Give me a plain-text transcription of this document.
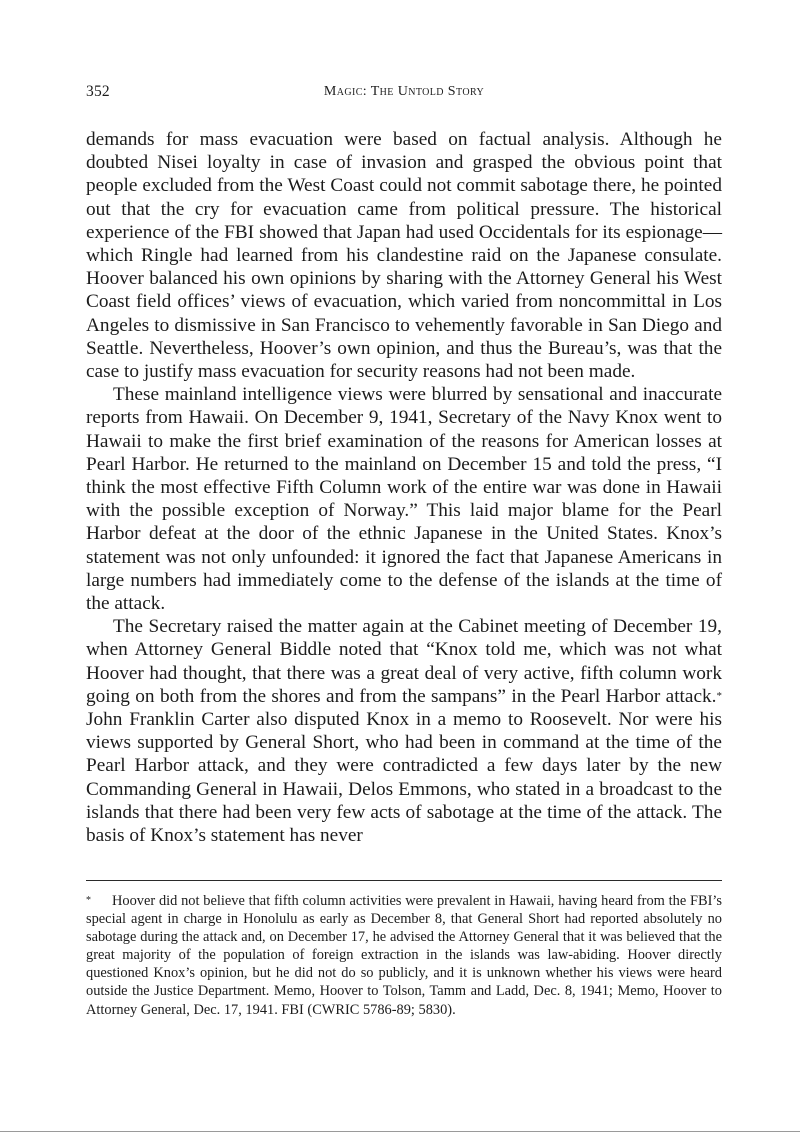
352	Magic: The Untold Story

demands for mass evacuation were based on factual analysis. Although he doubted Nisei loyalty in case of invasion and grasped the obvious point that people excluded from the West Coast could not commit sabotage there, he pointed out that the cry for evacuation came from political pressure. The historical experience of the FBI showed that Japan had used Occidentals for its espionage—which Ringle had learned from his clandestine raid on the Japanese consulate. Hoover balanced his own opinions by sharing with the Attorney General his West Coast field offices’ views of evacuation, which varied from noncommittal in Los Angeles to dismissive in San Francisco to vehemently favorable in San Diego and Seattle. Nevertheless, Hoover’s own opinion, and thus the Bureau’s, was that the case to justify mass evacuation for security reasons had not been made.

These mainland intelligence views were blurred by sensational and inaccurate reports from Hawaii. On December 9, 1941, Secretary of the Navy Knox went to Hawaii to make the first brief examination of the reasons for American losses at Pearl Harbor. He returned to the mainland on December 15 and told the press, “I think the most effective Fifth Column work of the entire war was done in Hawaii with the possible exception of Norway.” This laid major blame for the Pearl Harbor defeat at the door of the ethnic Japanese in the United States. Knox’s statement was not only unfounded: it ignored the fact that Japanese Americans in large numbers had immediately come to the defense of the islands at the time of the attack.

The Secretary raised the matter again at the Cabinet meeting of December 19, when Attorney General Biddle noted that “Knox told me, which was not what Hoover had thought, that there was a great deal of very active, fifth column work going on both from the shores and from the sampans” in the Pearl Harbor attack.* John Franklin Carter also disputed Knox in a memo to Roosevelt. Nor were his views supported by General Short, who had been in command at the time of the Pearl Harbor attack, and they were contradicted a few days later by the new Commanding General in Hawaii, Delos Emmons, who stated in a broadcast to the islands that there had been very few acts of sabotage at the time of the attack. The basis of Knox’s statement has never

* Hoover did not believe that fifth column activities were prevalent in Hawaii, having heard from the FBI’s special agent in charge in Honolulu as early as December 8, that General Short had reported absolutely no sabotage during the attack and, on December 17, he advised the Attorney General that it was believed that the great majority of the population of foreign extraction in the islands was law-abiding. Hoover directly questioned Knox’s opinion, but he did not do so publicly, and it is unknown whether his views were heard outside the Justice Department. Memo, Hoover to Tolson, Tamm and Ladd, Dec. 8, 1941; Memo, Hoover to Attorney General, Dec. 17, 1941. FBI (CWRIC 5786-89; 5830).
